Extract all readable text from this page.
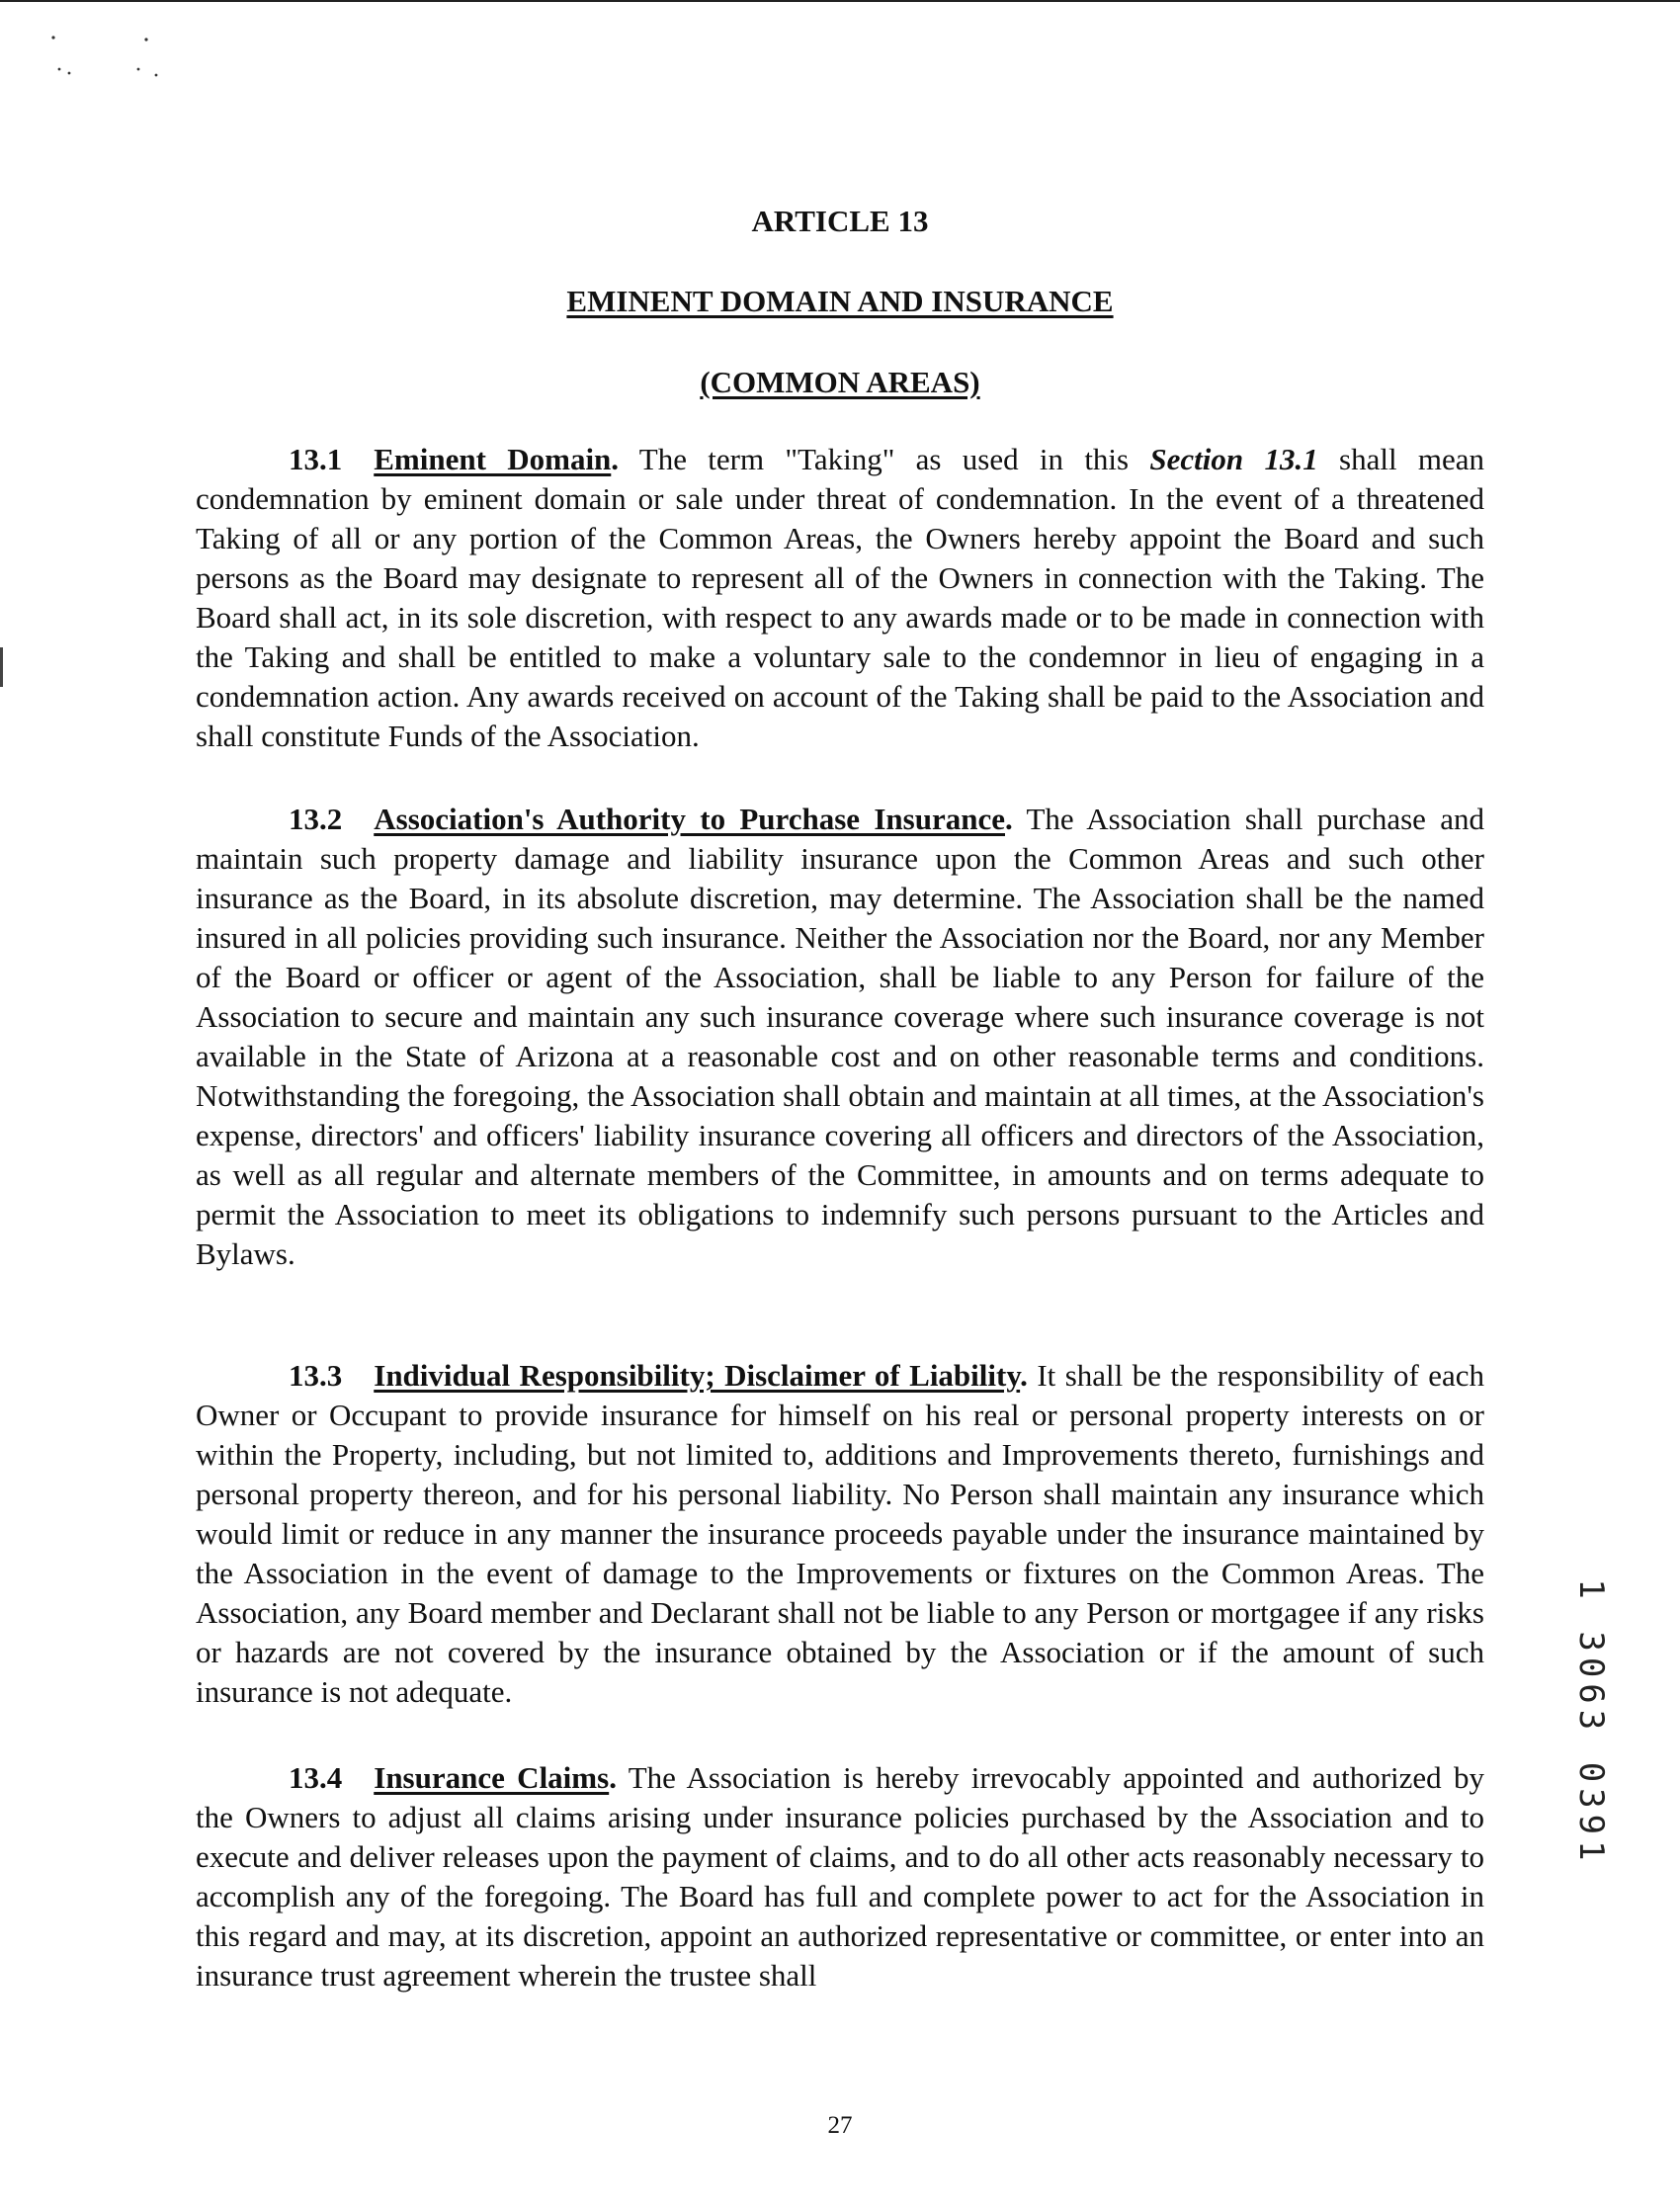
ARTICLE 13
EMINENT DOMAIN AND INSURANCE
(COMMON AREAS)

13.1 Eminent Domain. The term "Taking" as used in this Section 13.1 shall mean condemnation by eminent domain or sale under threat of condemnation. In the event of a threatened Taking of all or any portion of the Common Areas, the Owners hereby appoint the Board and such persons as the Board may designate to represent all of the Owners in connection with the Taking. The Board shall act, in its sole discretion, with respect to any awards made or to be made in connection with the Taking and shall be entitled to make a voluntary sale to the condemnor in lieu of engaging in a condemnation action. Any awards received on account of the Taking shall be paid to the Association and shall constitute Funds of the Association.

13.2 Association's Authority to Purchase Insurance. The Association shall purchase and maintain such property damage and liability insurance upon the Common Areas and such other insurance as the Board, in its absolute discretion, may determine. The Association shall be the named insured in all policies providing such insurance. Neither the Association nor the Board, nor any Member of the Board or officer or agent of the Association, shall be liable to any Person for failure of the Association to secure and maintain any such insurance coverage where such insurance coverage is not available in the State of Arizona at a reasonable cost and on other reasonable terms and conditions. Notwithstanding the foregoing, the Association shall obtain and maintain at all times, at the Association's expense, directors' and officers' liability insurance covering all officers and directors of the Association, as well as all regular and alternate members of the Committee, in amounts and on terms adequate to permit the Association to meet its obligations to indemnify such persons pursuant to the Articles and Bylaws.

13.3 Individual Responsibility; Disclaimer of Liability. It shall be the responsibility of each Owner or Occupant to provide insurance for himself on his real or personal property interests on or within the Property, including, but not limited to, additions and Improvements thereto, furnishings and personal property thereon, and for his personal liability. No Person shall maintain any insurance which would limit or reduce in any manner the insurance proceeds payable under the insurance maintained by the Association in the event of damage to the Improvements or fixtures on the Common Areas. The Association, any Board member and Declarant shall not be liable to any Person or mortgagee if any risks or hazards are not covered by the insurance obtained by the Association or if the amount of such insurance is not adequate.

13.4 Insurance Claims. The Association is hereby irrevocably appointed and authorized by the Owners to adjust all claims arising under insurance policies purchased by the Association and to execute and deliver releases upon the payment of claims, and to do all other acts reasonably necessary to accomplish any of the foregoing. The Board has full and complete power to act for the Association in this regard and may, at its discretion, appoint an authorized representative or committee, or enter into an insurance trust agreement wherein the trustee shall

1 3063 0391
27
